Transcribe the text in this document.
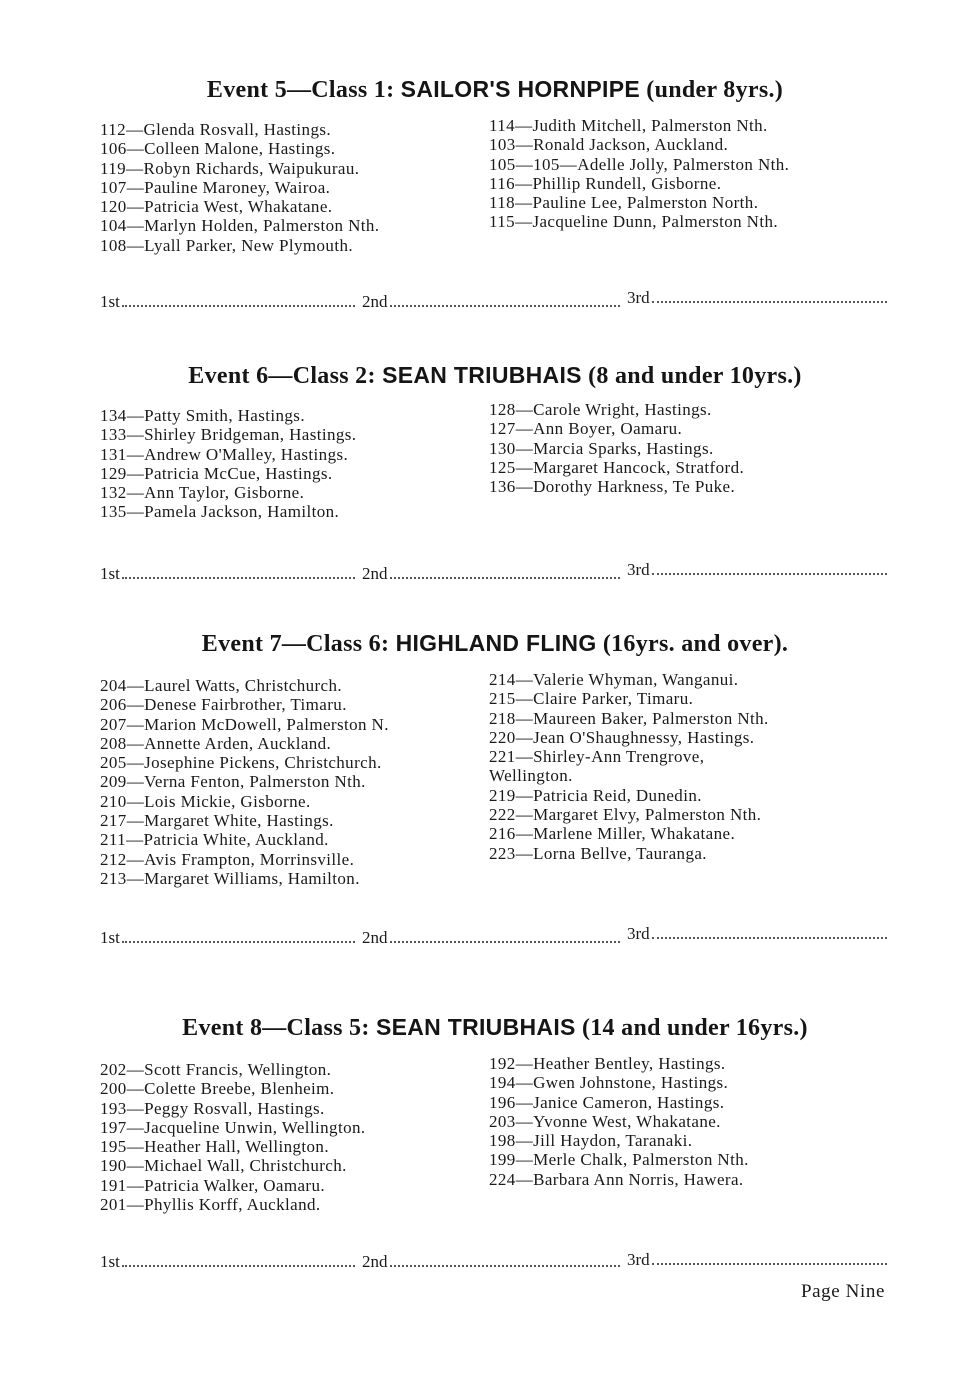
Event 5—Class 1: SAILOR'S HORNPIPE (under 8yrs.)
112—Glenda Rosvall, Hastings.
106—Colleen Malone, Hastings.
119—Robyn Richards, Waipukurau.
107—Pauline Maroney, Wairoa.
120—Patricia West, Whakatane.
104—Marlyn Holden, Palmerston Nth.
108—Lyall Parker, New Plymouth.
114—Judith Mitchell, Palmerston Nth.
103—Ronald Jackson, Auckland.
105—105—Adelle Jolly, Palmerston Nth.
116—Phillip Rundell, Gisborne.
118—Pauline Lee, Palmerston North.
115—Jacqueline Dunn, Palmerston Nth.
1st	2nd	3rd
Event 6—Class 2: SEAN TRIUBHAIS (8 and under 10yrs.)
134—Patty Smith, Hastings.
133—Shirley Bridgeman, Hastings.
131—Andrew O'Malley, Hastings.
129—Patricia McCue, Hastings.
132—Ann Taylor, Gisborne.
135—Pamela Jackson, Hamilton.
128—Carole Wright, Hastings.
127—Ann Boyer, Oamaru.
130—Marcia Sparks, Hastings.
125—Margaret Hancock, Stratford.
136—Dorothy Harkness, Te Puke.
1st	2nd	3rd
Event 7—Class 6: HIGHLAND FLING (16yrs. and over).
204—Laurel Watts, Christchurch.
206—Denese Fairbrother, Timaru.
207—Marion McDowell, Palmerston N.
208—Annette Arden, Auckland.
205—Josephine Pickens, Christchurch.
209—Verna Fenton, Palmerston Nth.
210—Lois Mickie, Gisborne.
217—Margaret White, Hastings.
211—Patricia White, Auckland.
212—Avis Frampton, Morrinsville.
213—Margaret Williams, Hamilton.
214—Valerie Whyman, Wanganui.
215—Claire Parker, Timaru.
218—Maureen Baker, Palmerston Nth.
220—Jean O'Shaughnessy, Hastings.
221—Shirley-Ann Trengrove,
Wellington.
219—Patricia Reid, Dunedin.
222—Margaret Elvy, Palmerston Nth.
216—Marlene Miller, Whakatane.
223—Lorna Bellve, Tauranga.
1st	2nd	3rd
Event 8—Class 5: SEAN TRIUBHAIS (14 and under 16yrs.)
202—Scott Francis, Wellington.
200—Colette Breebe, Blenheim.
193—Peggy Rosvall, Hastings.
197—Jacqueline Unwin, Wellington.
195—Heather Hall, Wellington.
190—Michael Wall, Christchurch.
191—Patricia Walker, Oamaru.
201—Phyllis Korff, Auckland.
192—Heather Bentley, Hastings.
194—Gwen Johnstone, Hastings.
196—Janice Cameron, Hastings.
203—Yvonne West, Whakatane.
198—Jill Haydon, Taranaki.
199—Merle Chalk, Palmerston Nth.
224—Barbara Ann Norris, Hawera.
1st	2nd	3rd
Page Nine
